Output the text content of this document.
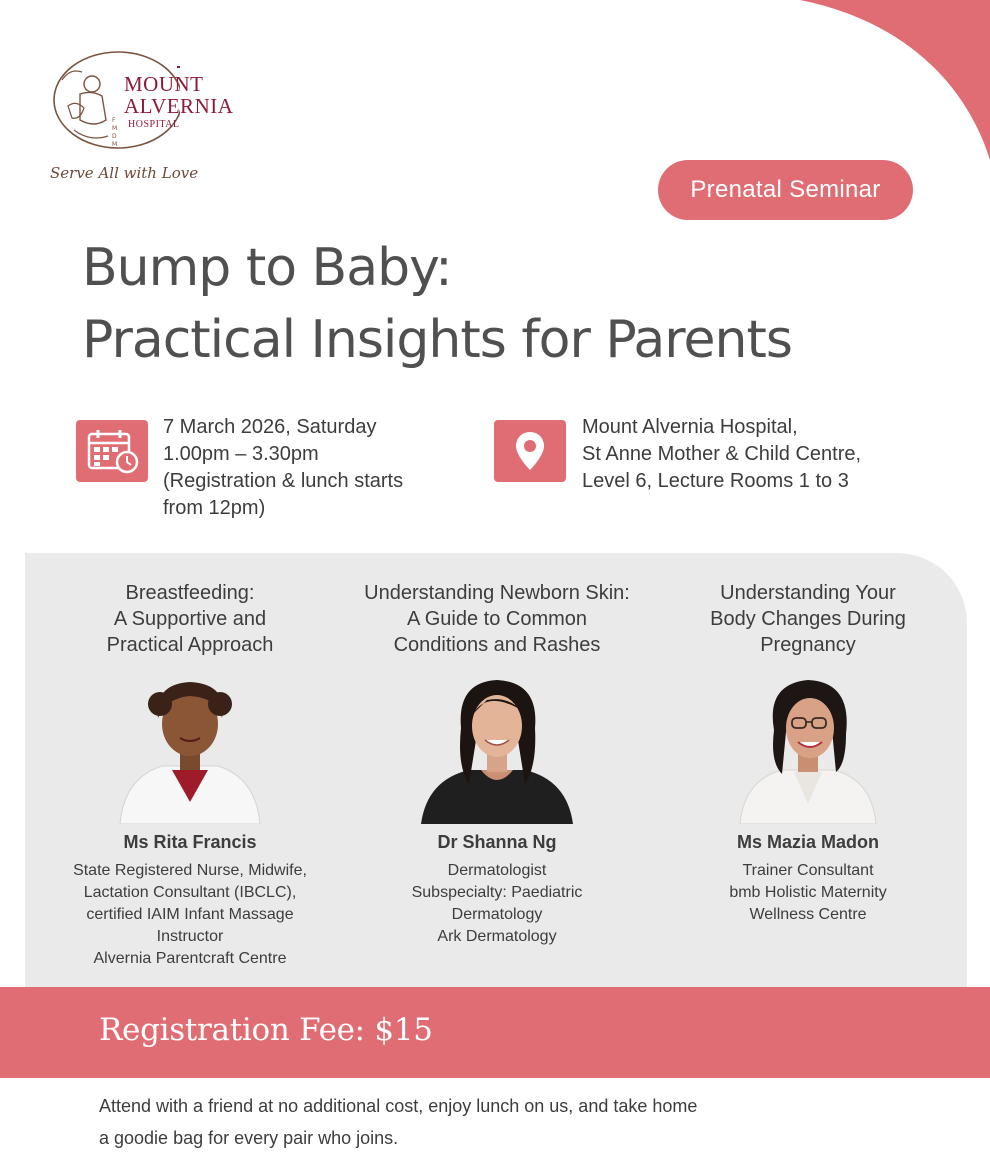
F
M
D
M
MOUNT
ALVERNIA
HOSPITAL
Serve All with Love
Prenatal Seminar
Bump to Baby:
Practical Insights for Parents
7 March 2026, Saturday
1.00pm – 3.30pm
(Registration & lunch starts
from 12pm)
Mount Alvernia Hospital,
St Anne Mother & Child Centre,
Level 6, Lecture Rooms 1 to 3
Breastfeeding:
A Supportive and
Practical Approach
Ms Rita Francis
State Registered Nurse, Midwife,
Lactation Consultant (IBCLC),
certified IAIM Infant Massage
Instructor
Alvernia Parentcraft Centre
Understanding Newborn Skin:
A Guide to Common
Conditions and Rashes
Dr Shanna Ng
Dermatologist
Subspecialty: Paediatric
Dermatology
Ark Dermatology
Understanding Your
Body Changes During
Pregnancy
Ms Mazia Madon
Trainer Consultant
bmb Holistic Maternity
Wellness Centre
Registration Fee: $15
Attend with a friend at no additional cost, enjoy lunch on us, and take home
a goodie bag for every pair who joins.
